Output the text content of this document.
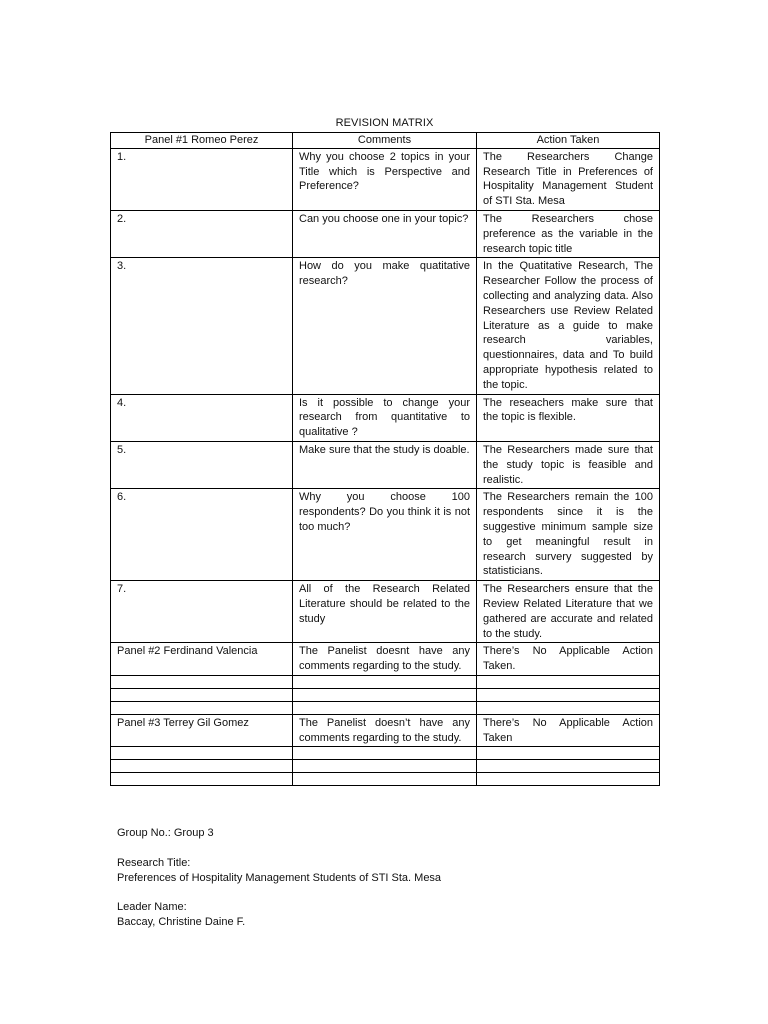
REVISION MATRIX
Panel #1 Romeo Perez	Comments	Action Taken
1.	Why you choose 2 topics in your Title which is Perspective and Preference?	The Researchers Change Research Title in Preferences of Hospitality Management Student of STI Sta. Mesa
2.	Can you choose one in your topic?	The Researchers chose preference as the variable in the research topic title
3.	How do you make quatitative research?	In the Quatitative Research, The Researcher Follow the process of collecting and analyzing data. Also Researchers use Review Related Literature as a guide to make research variables, questionnaires, data and To build appropriate hypothesis related to the topic.
4.	Is it possible to change your research from quantitative to qualitative ?	The reseachers make sure that the topic is flexible.
5.	Make sure that the study is doable.	The Researchers made sure that the study topic is feasible and realistic.
6.	Why you choose 100 respondents? Do you think it is not too much?	The Researchers remain the 100 respondents since it is the suggestive minimum sample size to get meaningful result in research survery suggested by statisticians.
7.	All of the Research Related Literature should be related to the study	The Researchers ensure that the Review Related Literature that we gathered are accurate and related to the study.
Panel #2 Ferdinand Valencia	The Panelist doesnt have any comments regarding to the study.	There’s No Applicable Action Taken.

Panel #3 Terrey Gil Gomez	The Panelist doesn’t have any comments regarding to the study.	There’s No Applicable Action Taken

Group No.: Group 3
Research Title:
Preferences of Hospitality Management Students of STI Sta. Mesa
Leader Name:
Baccay, Christine Daine F.
